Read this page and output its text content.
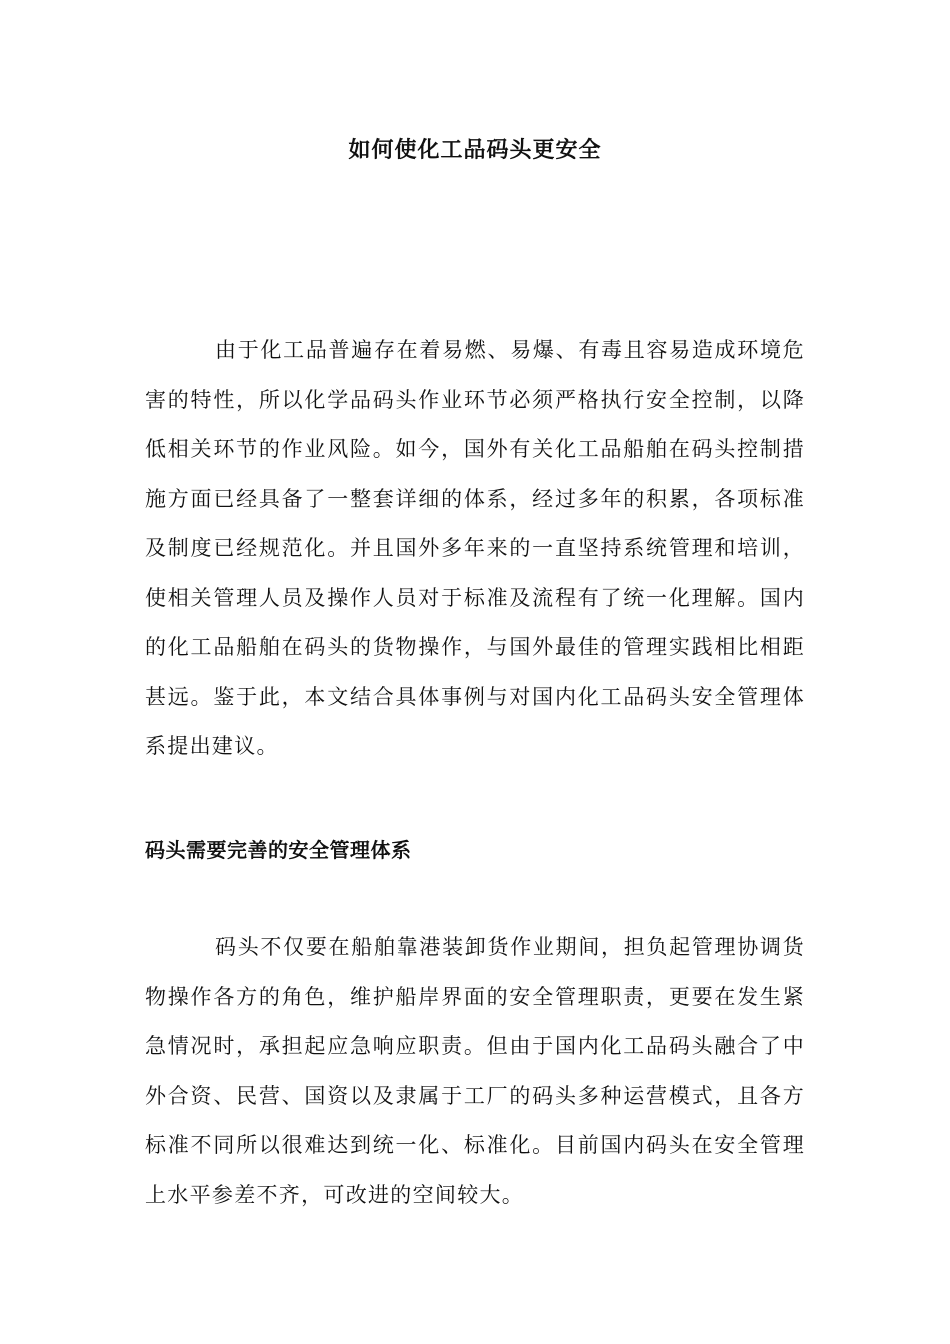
如何使化工品码头更安全

由于化工品普遍存在着易燃、易爆、有毒且容易造成环境危害的特性，所以化学品码头作业环节必须严格执行安全控制，以降低相关环节的作业风险。如今，国外有关化工品船舶在码头控制措施方面已经具备了一整套详细的体系，经过多年的积累，各项标准及制度已经规范化。并且国外多年来的一直坚持系统管理和培训，使相关管理人员及操作人员对于标准及流程有了统一化理解。国内的化工品船舶在码头的货物操作，与国外最佳的管理实践相比相距甚远。鉴于此，本文结合具体事例与对国内化工品码头安全管理体系提出建议。

码头需要完善的安全管理体系

码头不仅要在船舶靠港装卸货作业期间，担负起管理协调货物操作各方的角色，维护船岸界面的安全管理职责，更要在发生紧急情况时，承担起应急响应职责。但由于国内化工品码头融合了中外合资、民营、国资以及隶属于工厂的码头多种运营模式，且各方标准不同所以很难达到统一化、标准化。目前国内码头在安全管理上水平参差不齐，可改进的空间较大。
